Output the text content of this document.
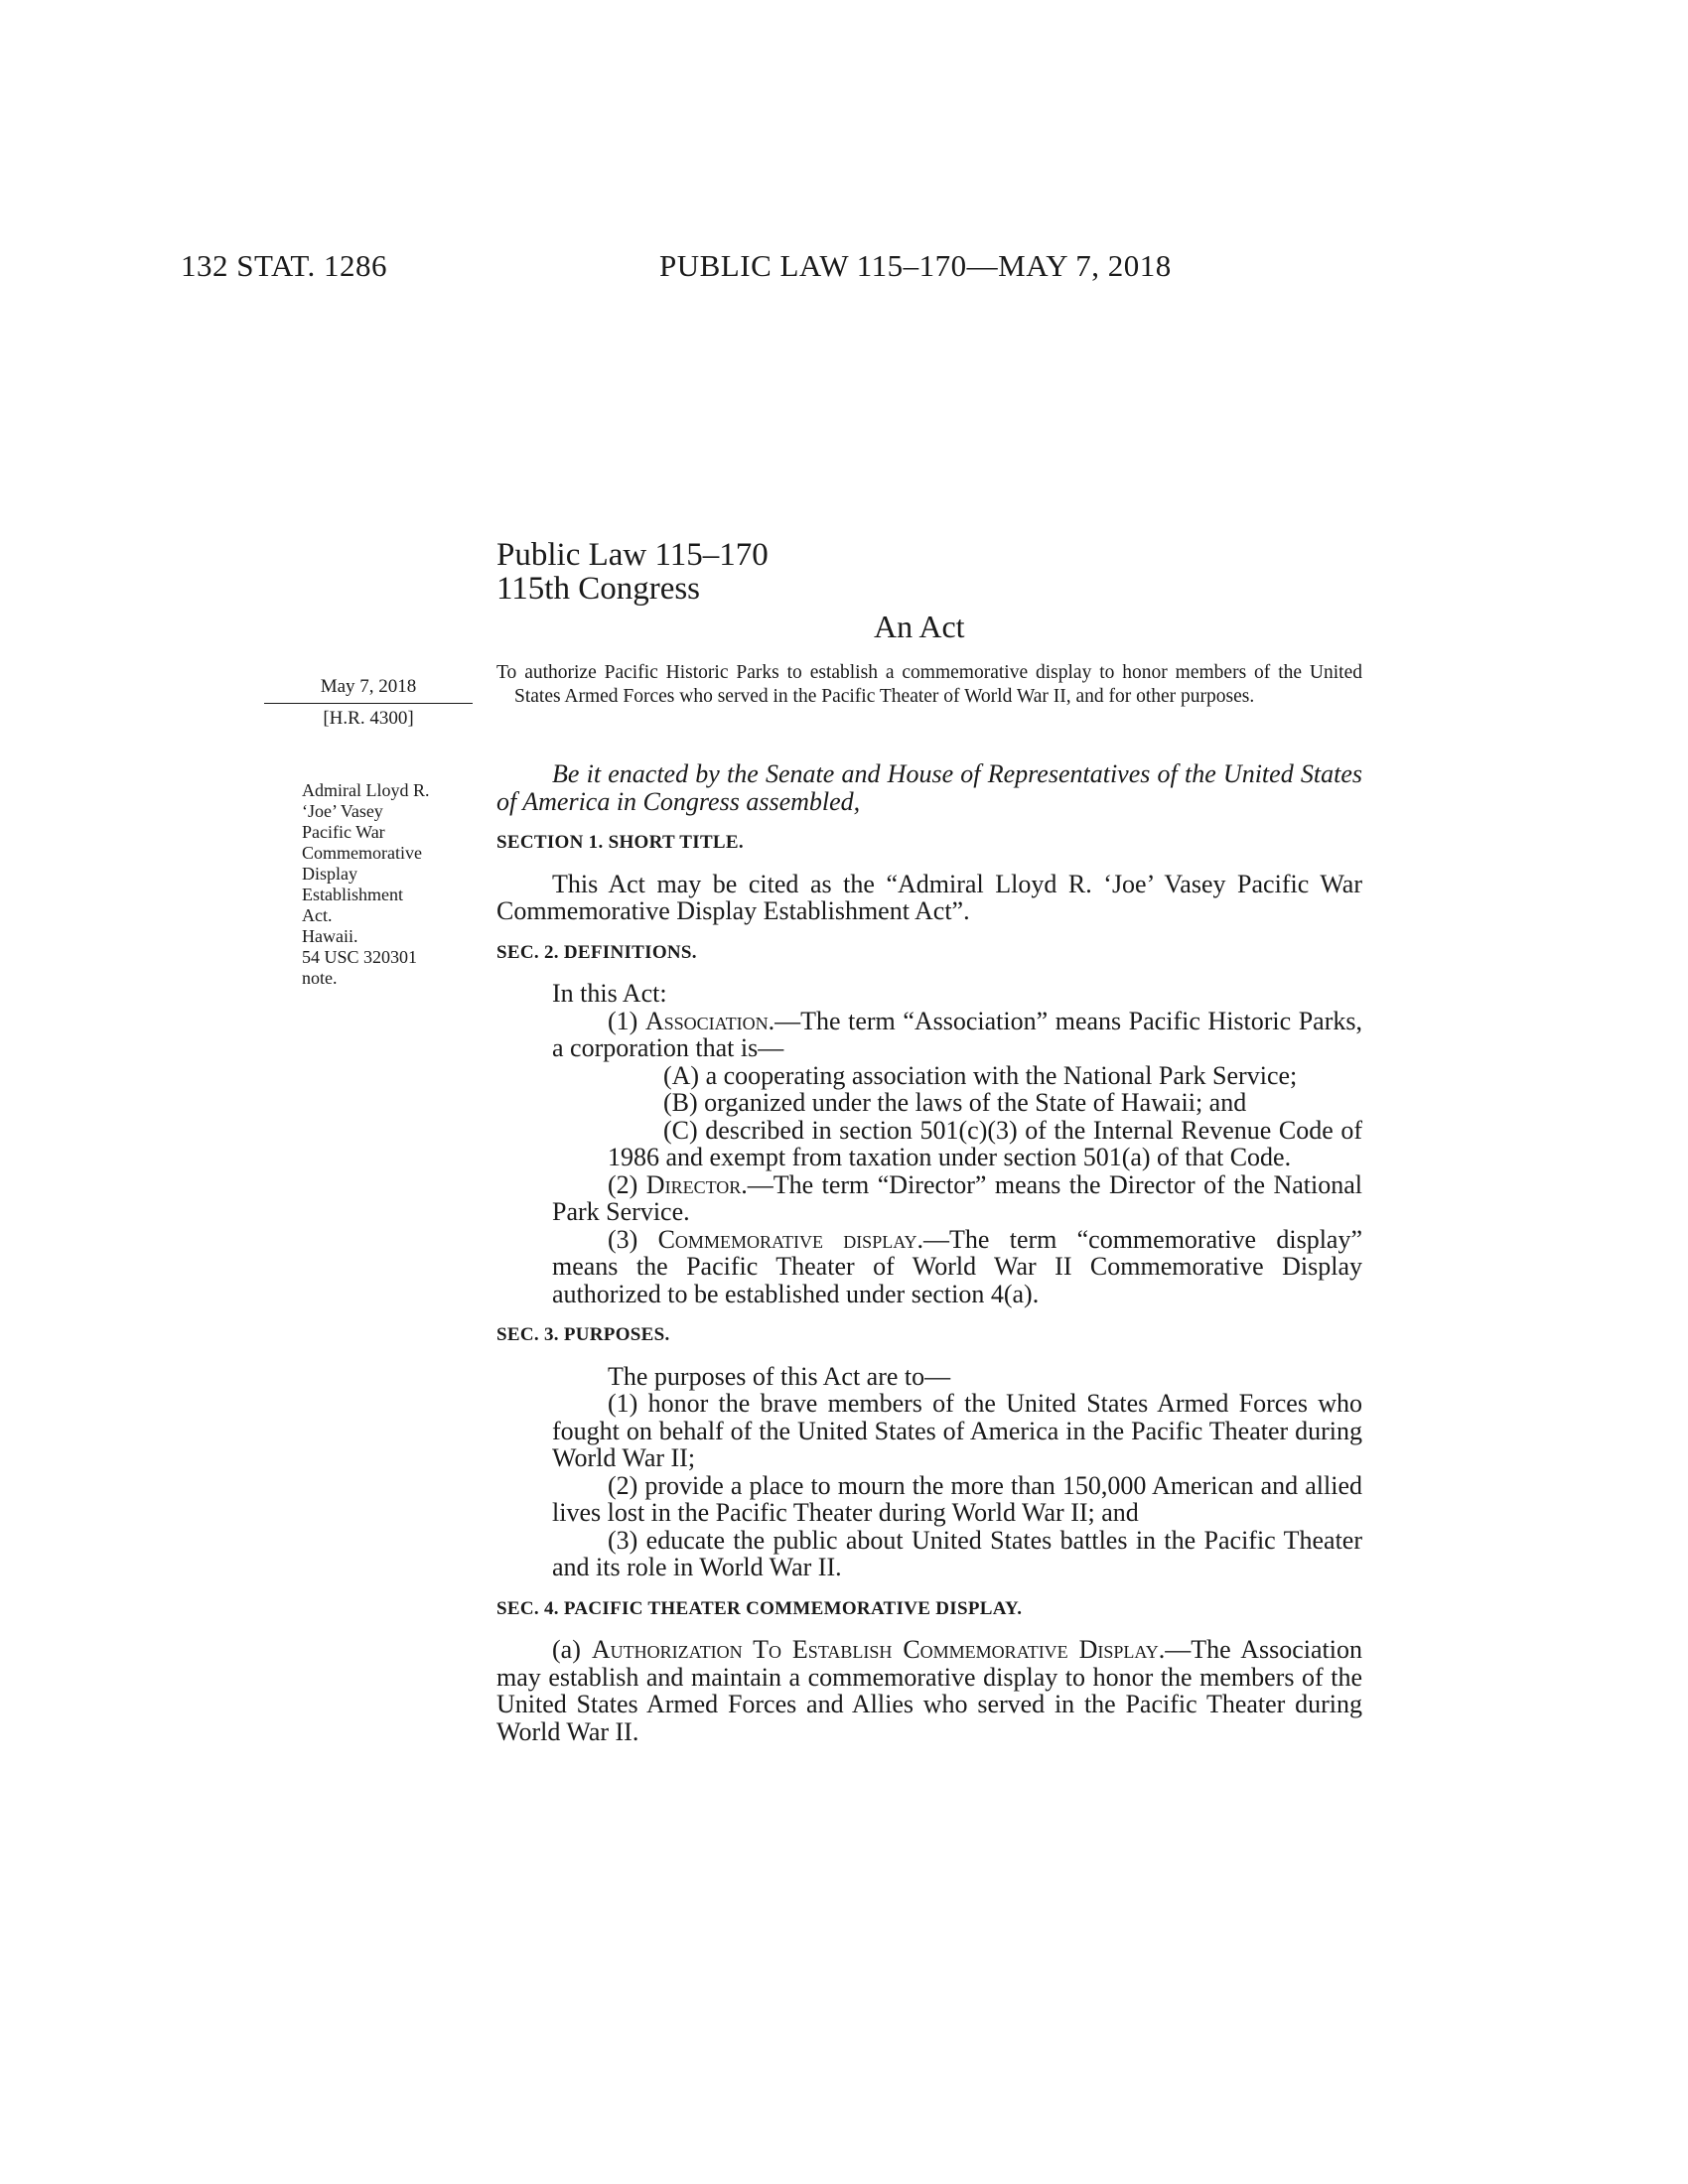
132 STAT. 1286	PUBLIC LAW 115–170—MAY 7, 2018
Public Law 115–170
115th Congress
An Act
May 7, 2018
[H.R. 4300]
To authorize Pacific Historic Parks to establish a commemorative display to honor members of the United States Armed Forces who served in the Pacific Theater of World War II, and for other purposes.
Admiral Lloyd R.
‘Joe’ Vasey
Pacific War
Commemorative
Display
Establishment
Act.
Hawaii.
54 USC 320301
note.

Be it enacted by the Senate and House of Representatives of the United States of America in Congress assembled,

SECTION 1. SHORT TITLE.

This Act may be cited as the “Admiral Lloyd R. ‘Joe’ Vasey Pacific War Commemorative Display Establishment Act”.

SEC. 2. DEFINITIONS.

In this Act:

(1) Association.—The term “Association” means Pacific Historic Parks, a corporation that is—

(A) a cooperating association with the National Park Service;

(B) organized under the laws of the State of Hawaii; and

(C) described in section 501(c)(3) of the Internal Revenue Code of 1986 and exempt from taxation under section 501(a) of that Code.

(2) Director.—The term “Director” means the Director of the National Park Service.

(3) Commemorative display.—The term “commemorative display” means the Pacific Theater of World War II Commemorative Display authorized to be established under section 4(a).

SEC. 3. PURPOSES.

The purposes of this Act are to—

(1) honor the brave members of the United States Armed Forces who fought on behalf of the United States of America in the Pacific Theater during World War II;

(2) provide a place to mourn the more than 150,000 American and allied lives lost in the Pacific Theater during World War II; and

(3) educate the public about United States battles in the Pacific Theater and its role in World War II.

SEC. 4. PACIFIC THEATER COMMEMORATIVE DISPLAY.

(a) Authorization To Establish Commemorative Display.—The Association may establish and maintain a commemorative display to honor the members of the United States Armed Forces and Allies who served in the Pacific Theater during World War II.
